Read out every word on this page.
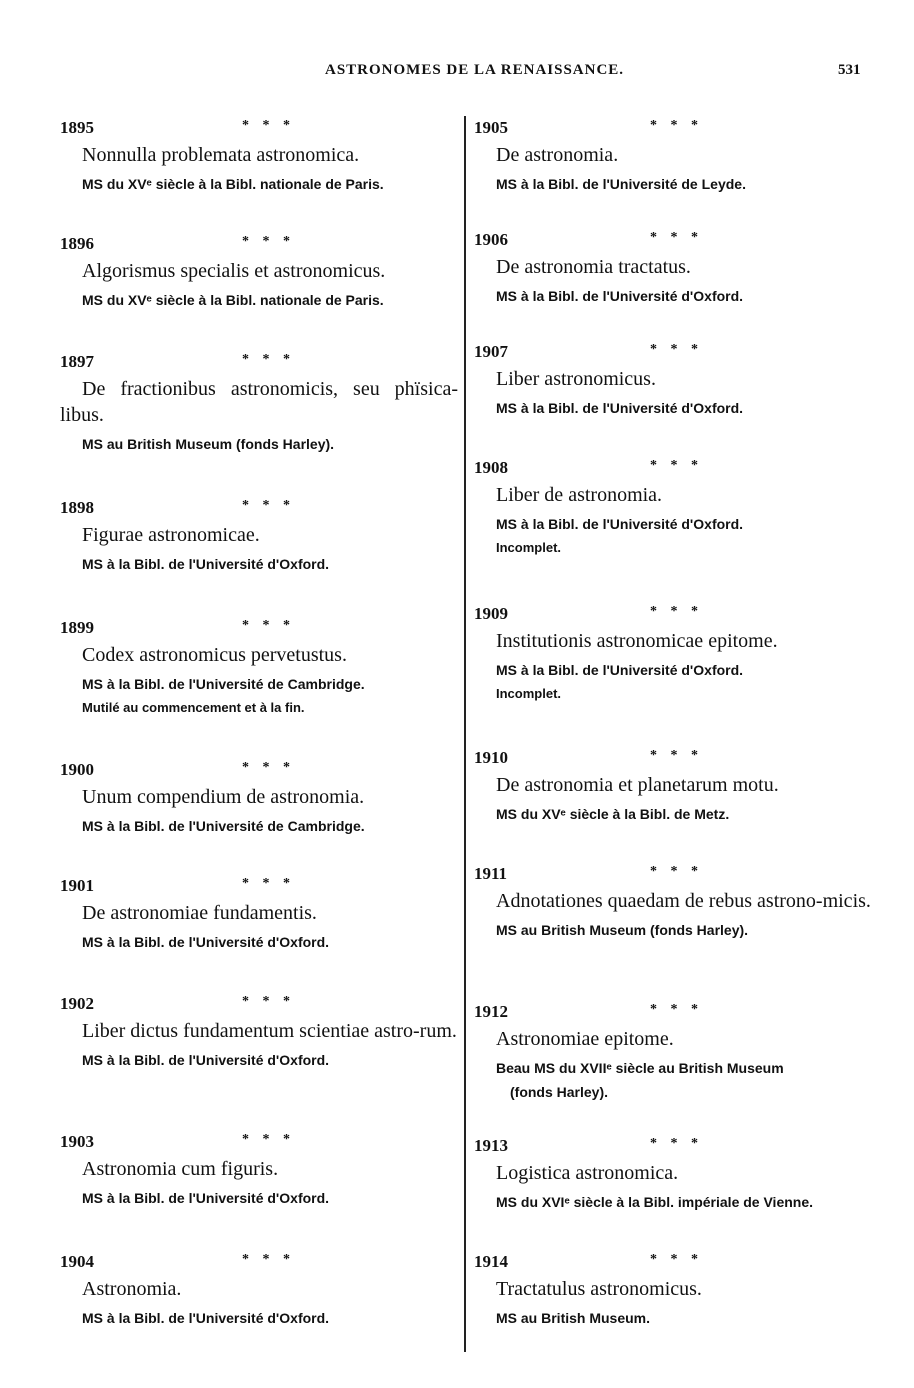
ASTRONOMES DE LA RENAISSANCE.	531
1895	* * *

Nonnulla problemata astronomica.

MS du XVᵉ siècle à la Bibl. nationale de Paris.

1896	* * *

Algorismus specialis et astronomicus.

MS du XVᵉ siècle à la Bibl. nationale de Paris.

1897	* * *

De fractionibus astronomicis, seu phïsica-libus.

MS au British Museum (fonds Harley).

1898	* * *

Figurae astronomicae.

MS à la Bibl. de l'Université d'Oxford.

1899	* * *

Codex astronomicus pervetustus.

MS à la Bibl. de l'Université de Cambridge.

Mutilé au commencement et à la fin.

1900	* * *

Unum compendium de astronomia.

MS à la Bibl. de l'Université de Cambridge.

1901	* * *

De astronomiae fundamentis.

MS à la Bibl. de l'Université d'Oxford.

1902	* * *

Liber dictus fundamentum scientiae astro-rum.

MS à la Bibl. de l'Université d'Oxford.

1903	* * *

Astronomia cum figuris.

MS à la Bibl. de l'Université d'Oxford.

1904	* * *

Astronomia.

MS à la Bibl. de l'Université d'Oxford.

1905	* * *

De astronomia.

MS à la Bibl. de l'Université de Leyde.

1906	* * *

De astronomia tractatus.

MS à la Bibl. de l'Université d'Oxford.

1907	* * *

Liber astronomicus.

MS à la Bibl. de l'Université d'Oxford.

1908	* * *

Liber de astronomia.

MS à la Bibl. de l'Université d'Oxford.

Incomplet.

1909	* * *

Institutionis astronomicae epitome.

MS à la Bibl. de l'Université d'Oxford.

Incomplet.

1910	* * *

De astronomia et planetarum motu.

MS du XVᵉ siècle à la Bibl. de Metz.

1911	* * *

Adnotationes quaedam de rebus astrono-micis.

MS au British Museum (fonds Harley).

1912	* * *

Astronomiae epitome.

Beau MS du XVIIᵉ siècle au British Museum
(fonds Harley).

1913	* * *

Logistica astronomica.

MS du XVIᵉ siècle à la Bibl. impériale de Vienne.

1914	* * *

Tractatulus astronomicus.

MS au British Museum.
